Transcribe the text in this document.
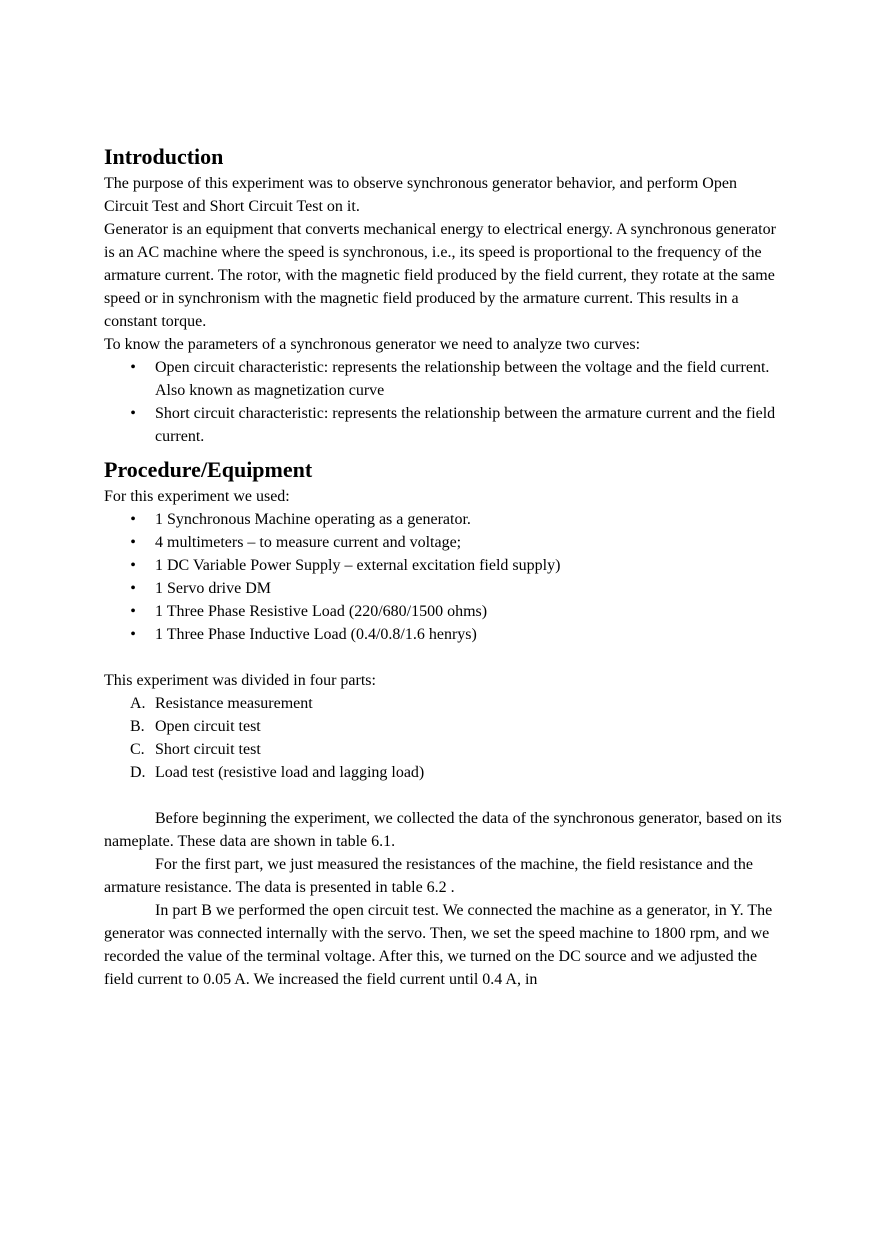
Introduction

The purpose of this experiment was to observe synchronous generator behavior, and perform Open Circuit Test and Short Circuit Test on it.

Generator is an equipment that converts mechanical energy to electrical energy. A synchronous generator is an AC machine where the speed is synchronous, i.e., its speed is proportional to the frequency of the armature current. The rotor, with the magnetic field produced by the field current, they rotate at the same speed or in synchronism with the magnetic field produced by the armature current. This results in a constant torque.

To know the parameters of a synchronous generator we need to analyze two curves:

• Open circuit characteristic: represents the relationship between the voltage and the field current. Also known as magnetization curve
• Short circuit characteristic: represents the relationship between the armature current and the field current.
Procedure/Equipment

For this experiment we used:

• 1 Synchronous Machine operating as a generator.
• 4 multimeters – to measure current and voltage;
• 1 DC Variable Power Supply – external excitation field supply)
• 1 Servo drive DM
• 1 Three Phase Resistive Load (220/680/1500 ohms)
• 1 Three Phase Inductive Load (0.4/0.8/1.6 henrys)

This experiment was divided in four parts:

A. Resistance measurement
B. Open circuit test
C. Short circuit test
D. Load test (resistive load and lagging load)

Before beginning the experiment, we collected the data of the synchronous generator, based on its nameplate. These data are shown in table 6.1.

For the first part, we just measured the resistances of the machine, the field resistance and the armature resistance. The data is presented in table 6.2 .

In part B we performed the open circuit test. We connected the machine as a generator, in Y. The generator was connected internally with the servo. Then, we set the speed machine to 1800 rpm, and we recorded the value of the terminal voltage. After this, we turned on the DC source and we adjusted the field current to 0.05 A. We increased the field current until 0.4 A, in
